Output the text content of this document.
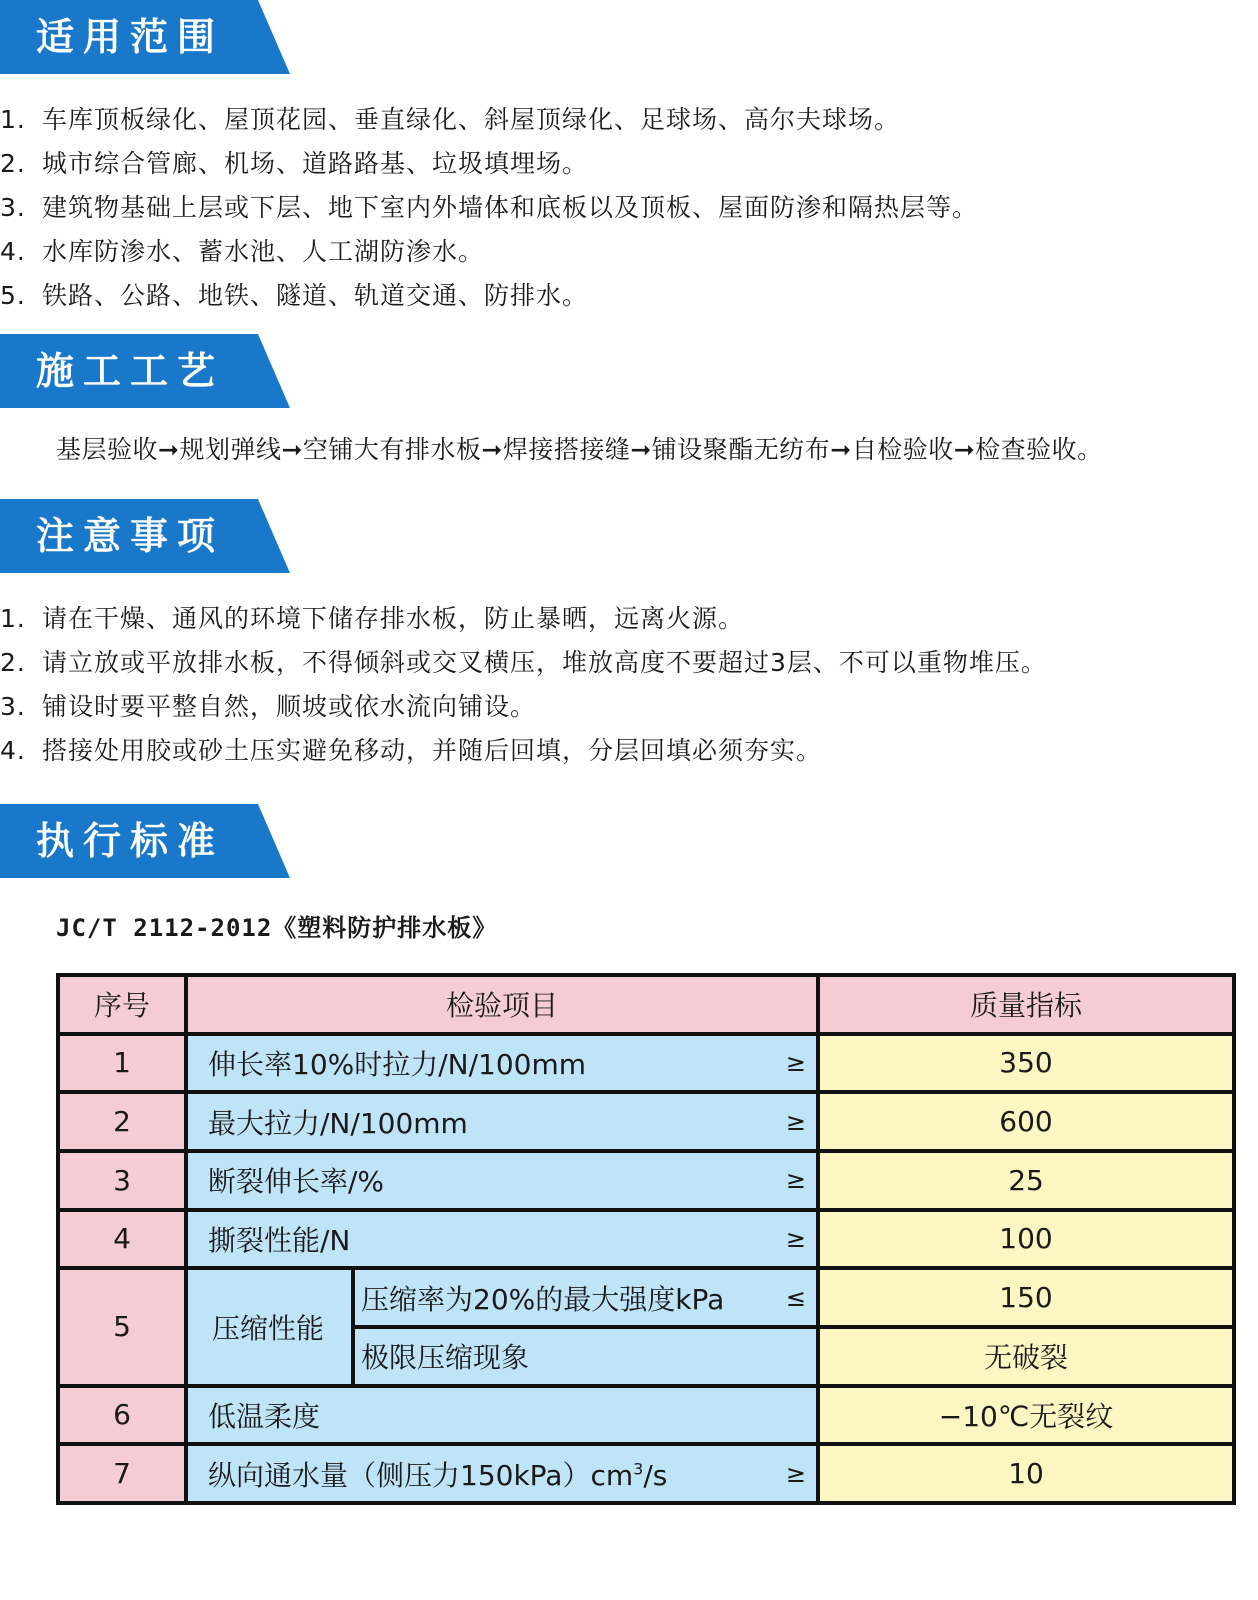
适用范围
1. 车库顶板绿化、屋顶花园、垂直绿化、斜屋顶绿化、足球场、高尔夫球场。
2. 城市综合管廊、机场、道路路基、垃圾填埋场。
3. 建筑物基础上层或下层、地下室内外墙体和底板以及顶板、屋面防渗和隔热层等。
4. 水库防渗水、蓄水池、人工湖防渗水。
5. 铁路、公路、地铁、隧道、轨道交通、防排水。
施工工艺
基层验收➞规划弹线➞空铺大有排水板➞焊接搭接缝➞铺设聚酯无纺布➞自检验收➞检查验收。
注意事项
1. 请在干燥、通风的环境下储存排水板，防止暴晒，远离火源。
2. 请立放或平放排水板，不得倾斜或交叉横压，堆放高度不要超过3层、不可以重物堆压。
3. 铺设时要平整自然，顺坡或依水流向铺设。
4. 搭接处用胶或砂土压实避免移动，并随后回填，分层回填必须夯实。
执行标准
JC/T 2112-2012《塑料防护排水板》
序号	检验项目		质量指标
1	伸长率10%时拉力/N/100mm ≥		350
2	最大拉力/N/100mm ≥		600
3	断裂伸长率/% ≥		25
4	撕裂性能/N ≥		100
5	压缩性能	压缩率为20%的最大强度kPa ≤	150

		极限压缩现象	无破裂
6	低温柔度		−10℃无裂纹
7	纵向通水量（侧压力$150kPa)cm^3/s$ ≥		10
